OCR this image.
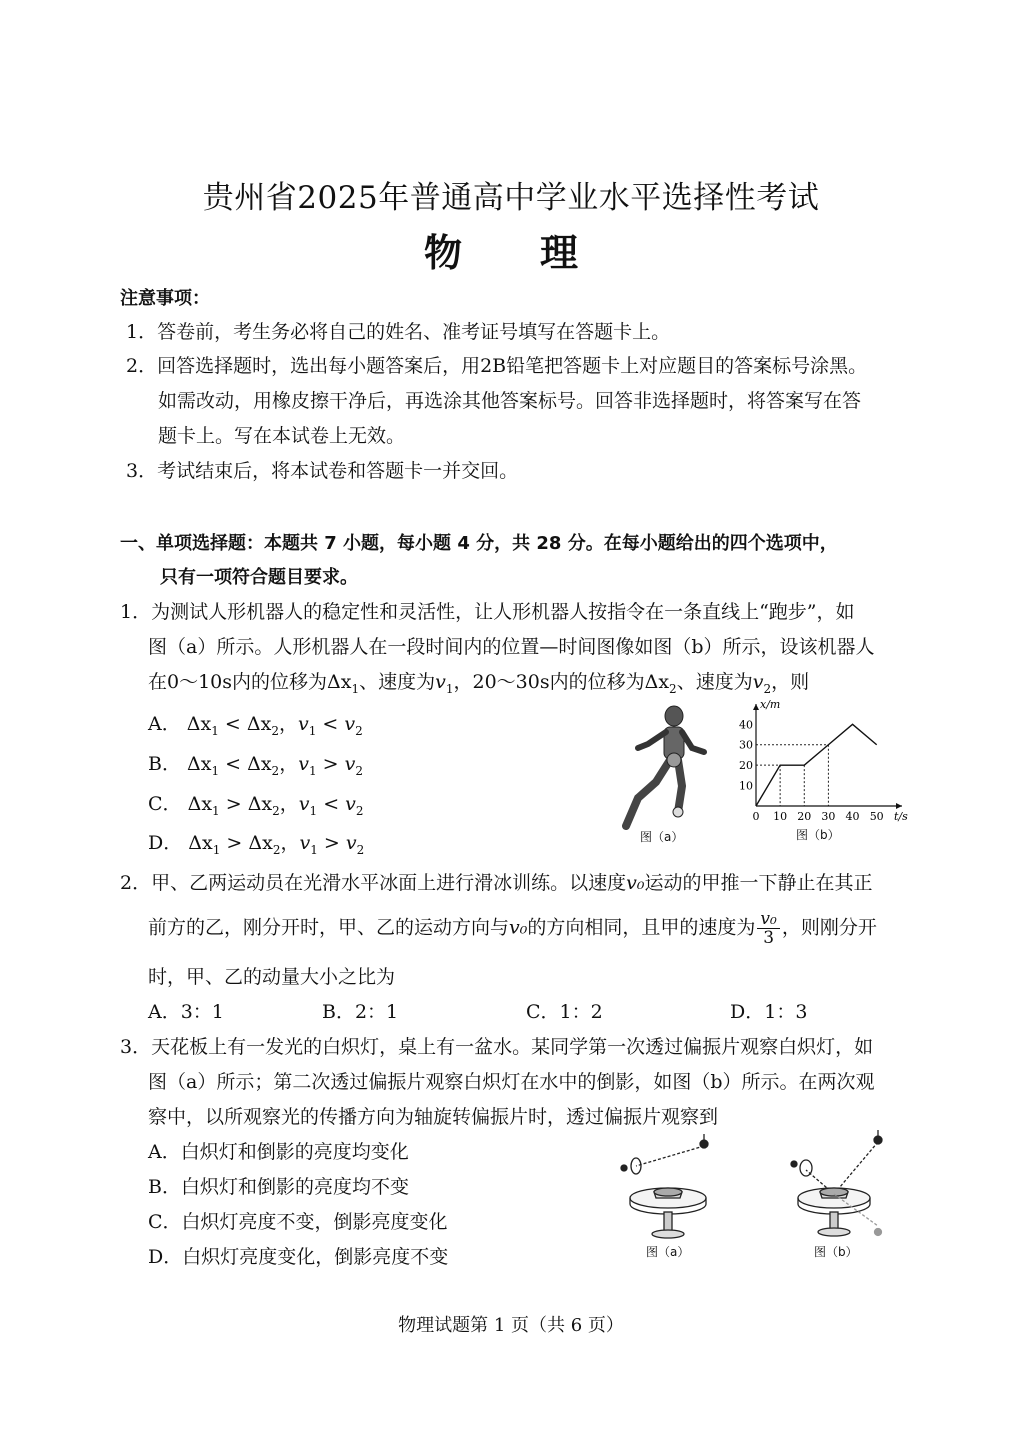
贵州省2025年普通高中学业水平选择性考试
物　理
注意事项：
1．答卷前，考生务必将自己的姓名、准考证号填写在答题卡上。
2．回答选择题时，选出每小题答案后，用2B铅笔把答题卡上对应题目的答案标号涂黑。
如需改动，用橡皮擦干净后，再选涂其他答案标号。回答非选择题时，将答案写在答
题卡上。写在本试卷上无效。
3．考试结束后，将本试卷和答题卡一并交回。
一、单项选择题：本题共 7 小题，每小题 4 分，共 28 分。在每小题给出的四个选项中，
只有一项符合题目要求。
1．为测试人形机器人的稳定性和灵活性，让人形机器人按指令在一条直线上“跑步”，如
图（a）所示。人形机器人在一段时间内的位置—时间图像如图（b）所示，设该机器人
在0～10s内的位移为$\Delta x_1$、速度为$v_1$，20～30s内的位移为$\Delta x_2$、速度为$v_2$，则
A． $\Delta x_1 < \Delta x_2$，$v_1 < v_2$
B． $\Delta x_1 < \Delta x_2$，$v_1 > v_2$
C． $\Delta x_1 > \Delta x_2$，$v_1 < v_2$
D． $\Delta x_1 > \Delta x_2$，$v_1 > v_2$
图（a）
0 10 20 30 40 50
10
20
30
40
t/s
x/m
图（b）
2．甲、乙两运动员在光滑水平冰面上进行滑冰训练。以速度v₀运动的甲推一下静止在其正
前方的乙，刚分开时，甲、乙的运动方向与v₀的方向相同，且甲的速度为 $\frac{\text{v₀}}{3}$ ，则刚分开
时，甲、乙的动量大小之比为
A．3：1	B．2：1	C．1：2	D．1：3
3．天花板上有一发光的白炽灯，桌上有一盆水。某同学第一次透过偏振片观察白炽灯，如
图（a）所示；第二次透过偏振片观察白炽灯在水中的倒影，如图（b）所示。在两次观
察中，以所观察光的传播方向为轴旋转偏振片时，透过偏振片观察到
A．白炽灯和倒影的亮度均变化
B．白炽灯和倒影的亮度均不变
C．白炽灯亮度不变，倒影亮度变化
D．白炽灯亮度变化，倒影亮度不变	图（a）	图（b）
物理试题第 1 页（共 6 页）
